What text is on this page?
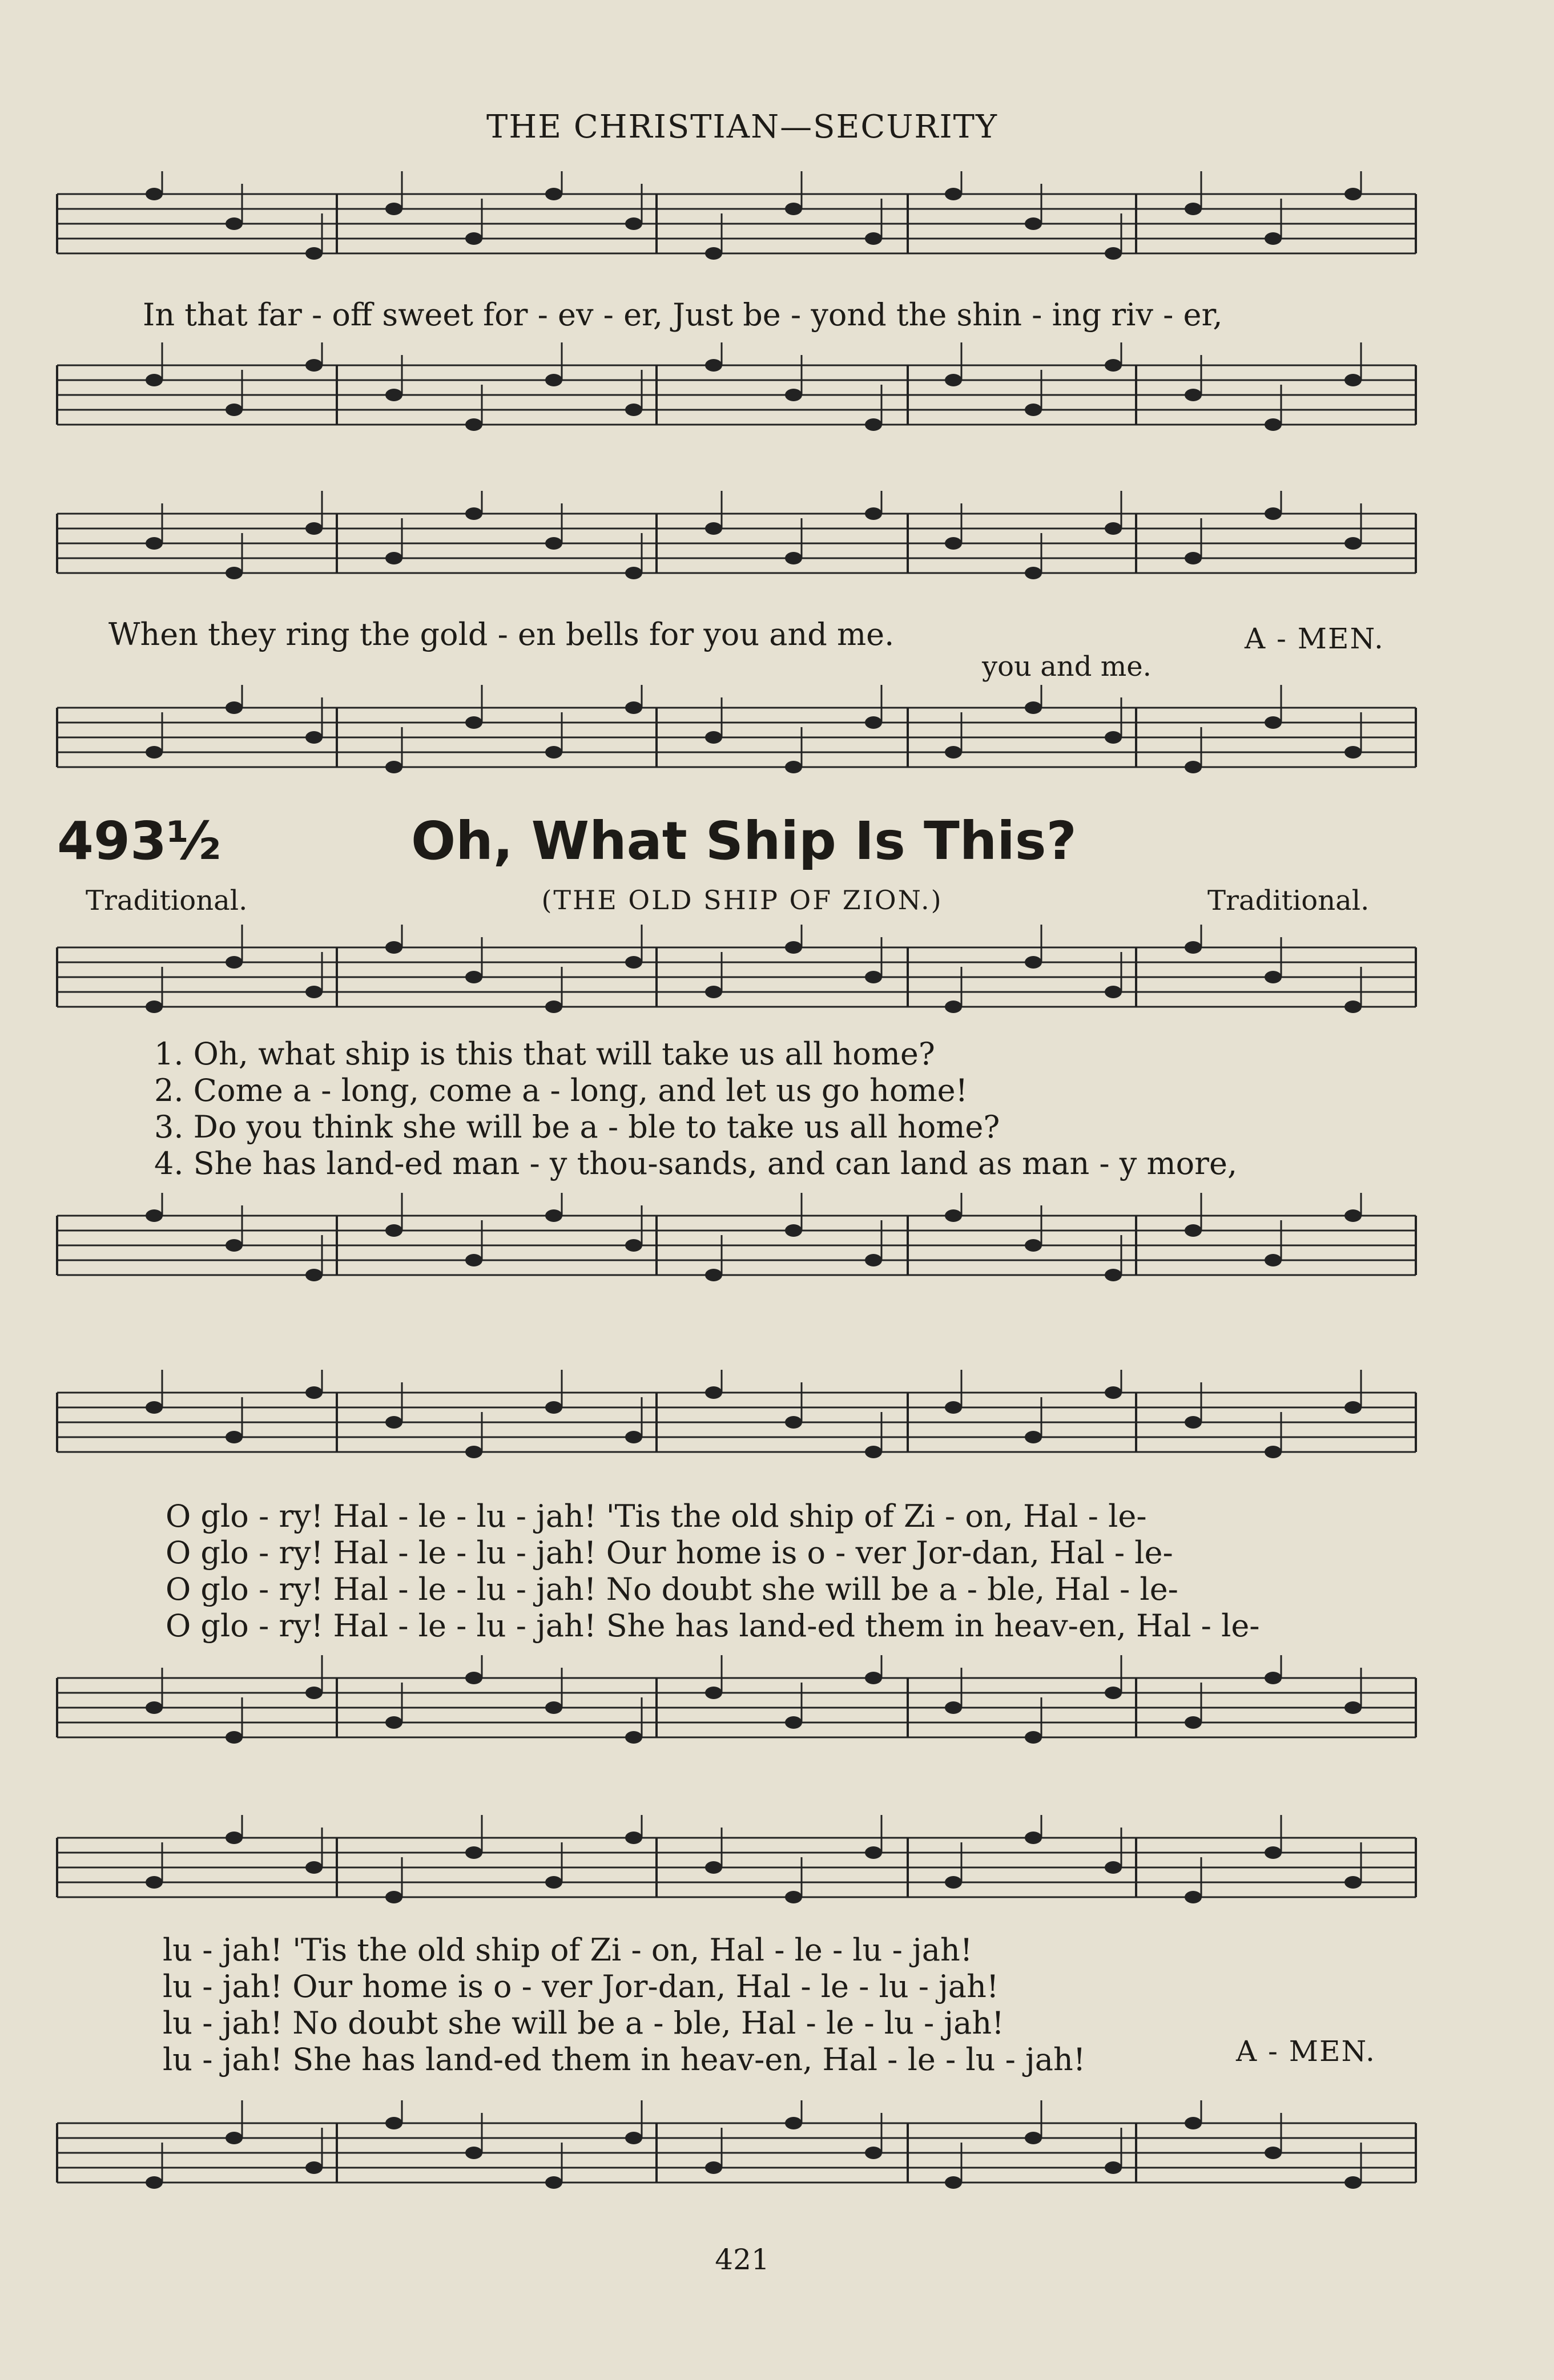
THE CHRISTIAN—SECURITY
In that far - off sweet for - ev - er, Just be - yond the shin - ing riv - er,
When they ring the gold - en bells for you and me.
you and me.
A - MEN.
493½	Oh, What Ship Is This?
Traditional.	(THE OLD SHIP OF ZION.)	Traditional.
1. Oh, what ship is this that will take us all home?
2. Come a - long, come a - long, and let us go home!
3. Do you think she will be a - ble to take us all home?
4. She has land-ed man - y thou-sands, and can land as man - y more,
O glo - ry! Hal - le - lu - jah! 'Tis the old ship of Zi - on, Hal - le-
O glo - ry! Hal - le - lu - jah! Our home is o - ver Jor-dan, Hal - le-
O glo - ry! Hal - le - lu - jah! No doubt she will be a - ble, Hal - le-
O glo - ry! Hal - le - lu - jah! She has land-ed them in heav-en, Hal - le-
lu - jah! 'Tis the old ship of Zi - on, Hal - le - lu - jah!
lu - jah! Our home is o - ver Jor-dan, Hal - le - lu - jah!
lu - jah! No doubt she will be a - ble, Hal - le - lu - jah!
lu - jah! She has land-ed them in heav-en, Hal - le - lu - jah!	A - MEN.
421
